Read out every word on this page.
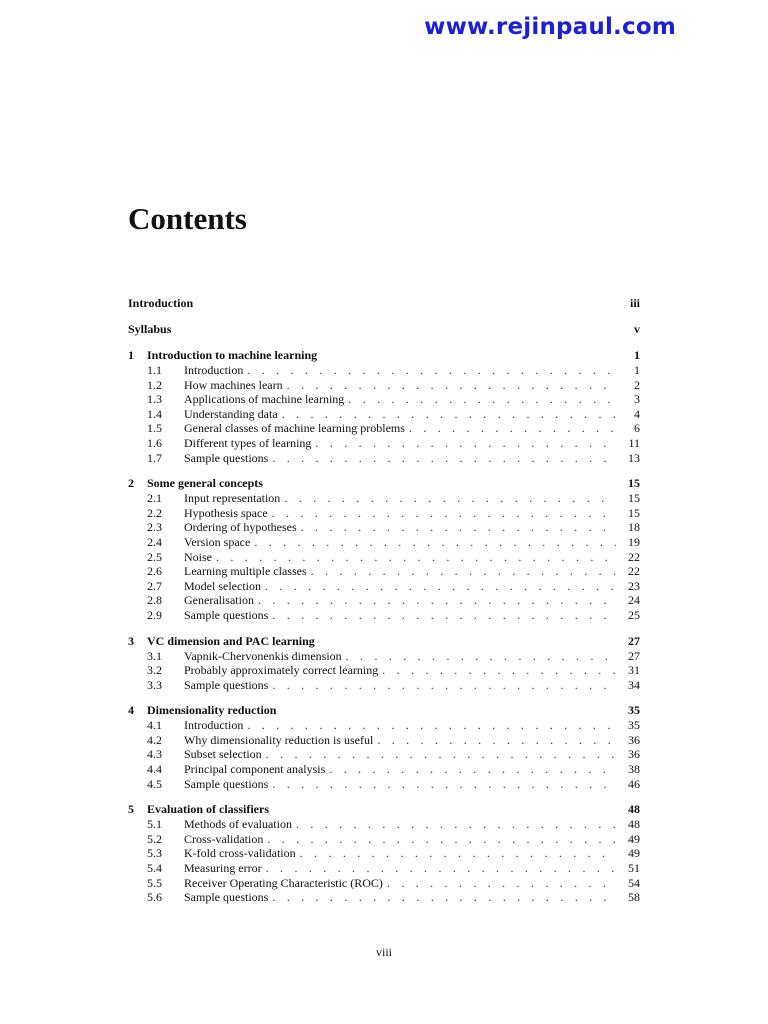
www.rejinpaul.com
Contents
Introduction	iii
Syllabus	v
1	Introduction to machine learning	1
1.1	Introduction . . .	1
1.2	How machines learn . . .	2
1.3	Applications of machine learning . . .	3
1.4	Understanding data . . .	4
1.5	General classes of machine learning problems . . .	6
1.6	Different types of learning . . .	11
1.7	Sample questions . . .	13
2	Some general concepts	15
2.1	Input representation . . .	15
2.2	Hypothesis space . . .	15
2.3	Ordering of hypotheses . . .	18
2.4	Version space . . .	19
2.5	Noise . . .	22
2.6	Learning multiple classes . . .	22
2.7	Model selection . . .	23
2.8	Generalisation . . .	24
2.9	Sample questions . . .	25
3	VC dimension and PAC learning	27
3.1	Vapnik-Chervonenkis dimension . . .	27
3.2	Probably approximately correct learning . . .	31
3.3	Sample questions . . .	34
4	Dimensionality reduction	35
4.1	Introduction . . .	35
4.2	Why dimensionality reduction is useful . . .	36
4.3	Subset selection . . .	36
4.4	Principal component analysis . . .	38
4.5	Sample questions . . .	46
5	Evaluation of classifiers	48
5.1	Methods of evaluation . . .	48
5.2	Cross-validation . . .	49
5.3	K-fold cross-validation . . .	49
5.4	Measuring error . . .	51
5.5	Receiver Operating Characteristic (ROC) . . .	54
5.6	Sample questions . . .	58
viii
